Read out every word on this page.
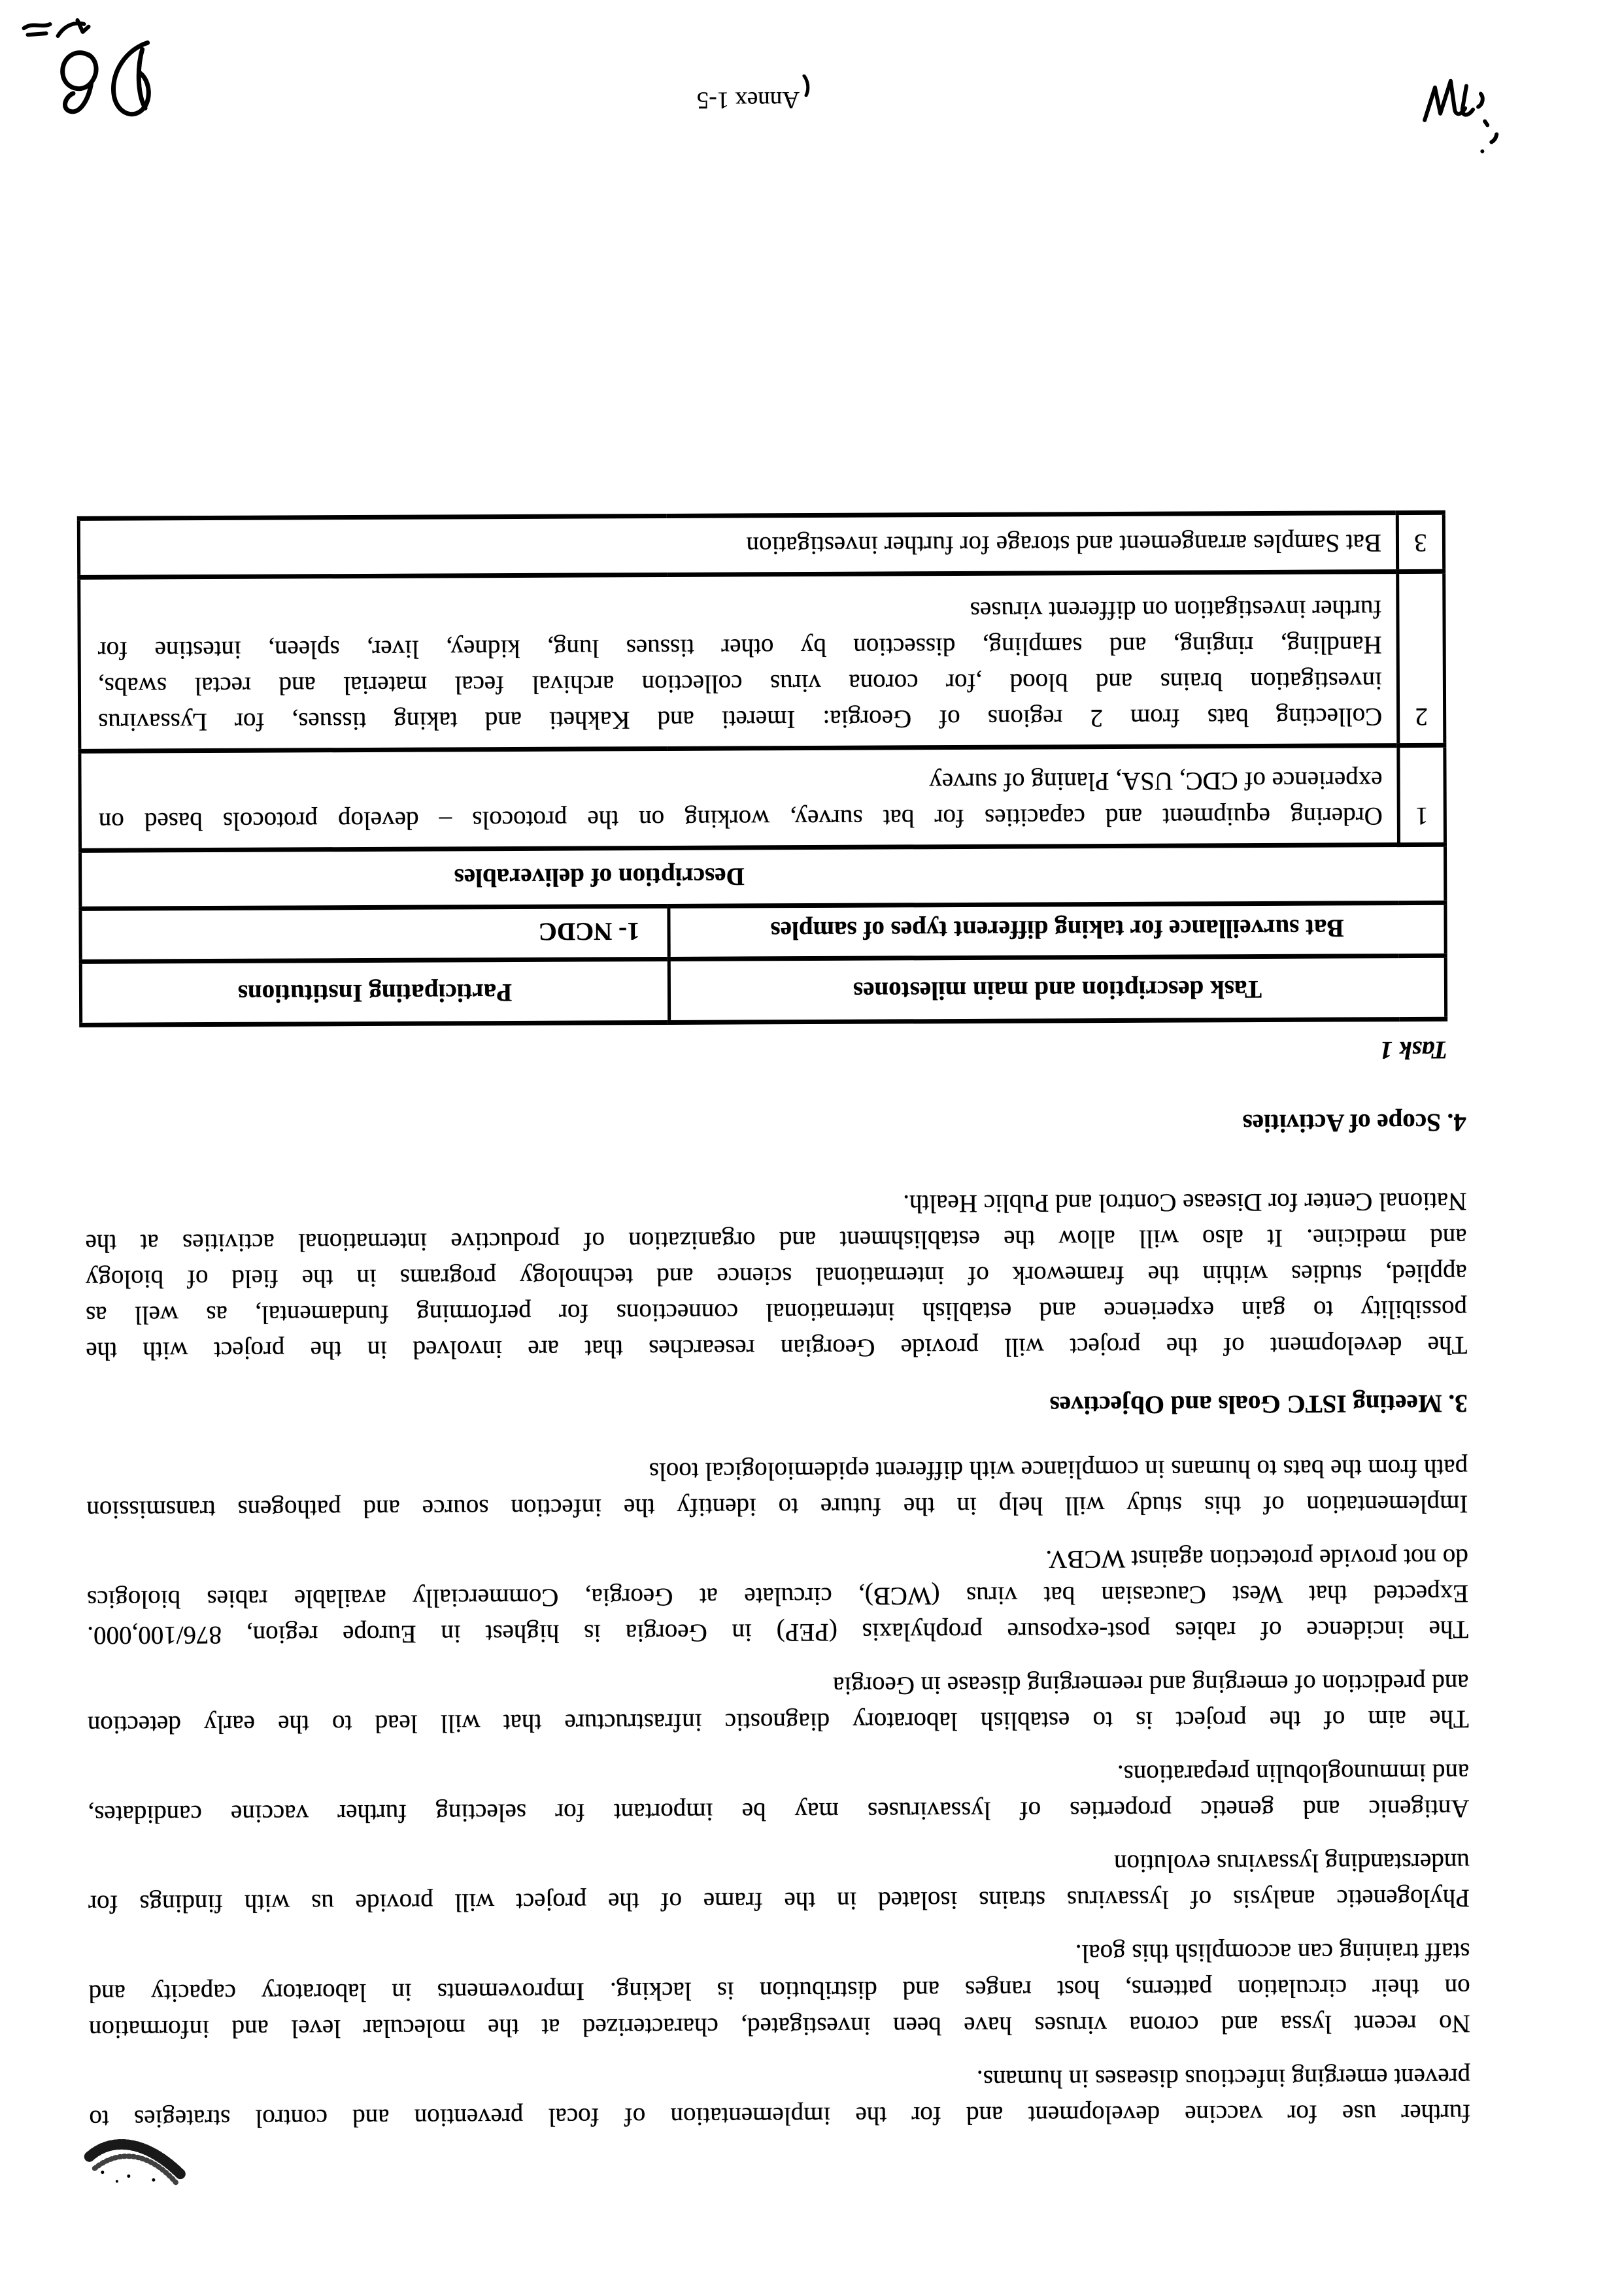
further use for vaccine development and for the implementation of focal prevention and control strategies to
prevent emerging infectious diseases in humans.

No recent lyssa and corona viruses have been investigated, characterized at the molecular level and information
on their circulation patterns, host ranges and distribution is lacking. Improvements in laboratory capacity and
staff training can accomplish this goal.

Phylogenetic analysis of lyssavirus strains isolated in the frame of the project will provide us with findings for
understanding lyssavirus evolution

Antigenic and genetic properties of lyssaviruses may be important for selecting further vaccine candidates,
and immunoglobulin preparations.

The aim of the project is to establish laboratory diagnostic infrastructure that will lead to the early detection
and prediction of emerging and reemerging disease in Georgia

The incidence of rabies post-exposure prophylaxis (PEP) in Georgia is highest in Europe region, 876/100,000.
Expected that West Caucasian bat virus (WCB), circulate at Georgia, Commercially available rabies biologics
do not provide protection against WCBV.

Implementation of this study will help in the future to identify the infection source and pathogens transmission
path from the bats to humans in compliance with different epidemiological tools

3. Meeting ISTC Goals and Objectives

The development of the project will provide Georgian researches that are involved in the project with the
possibility to gain experience and establish international connections for performing fundamental, as well as
applied, studies within the framework of international science and technology programs in the field of biology
and medicine. It also will allow the establishment and organization of productive international activities at the
National Center for Disease Control and Public Health.

4. Scope of Activities
Task 1
Task description and main milestones		Participating Institutions
Bat surveillance for taking different types of samples		1- NCDC
Description of deliverables		
1	Ordering equipment and capacities for bat survey, working on the protocols – develop protocols based on
experience of CDC, USA, Planing of survey	

2	Collecting bats from 2 regions of Georgia: Imereti and Kakheti and taking tissues, for Lyssavirus
investigation brains and blood ,for corona virus collection archival fecal material and rectal swabs,
Handling, ringing, and sampling, dissection by other tissues lung, kidney, liver, spleen, intestine for
further investigation on different viruses	

3	Bat Samples arrangement and storage for further investigation	
Annex 1-5
